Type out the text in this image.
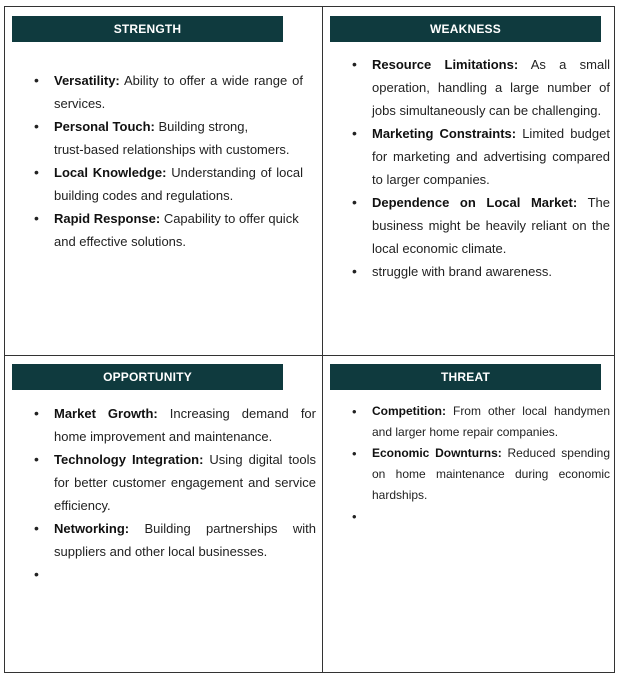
STRENGTH
• Versatility: Ability to offer a wide range of services.
• Personal Touch: Building strong,
trust-based relationships with customers.
• Local Knowledge: Understanding of local building codes and regulations.
• Rapid Response: Capability to offer quick and effective solutions.
WEAKNESS
• Resource Limitations: As a small operation, handling a large number of jobs simultaneously can be challenging.
• Marketing Constraints: Limited budget for marketing and advertising compared to larger companies.
• Dependence on Local Market: The business might be heavily reliant on the local economic climate.
• struggle with brand awareness.
OPPORTUNITY
• Market Growth: Increasing demand for home improvement and maintenance.
• Technology Integration: Using digital tools for better customer engagement and service efficiency.
• Networking: Building partnerships with suppliers and other local businesses.
•

THREAT
• Competition: From other local handymen and larger home repair companies.
• Economic Downturns: Reduced spending on home maintenance during economic hardships.
•
